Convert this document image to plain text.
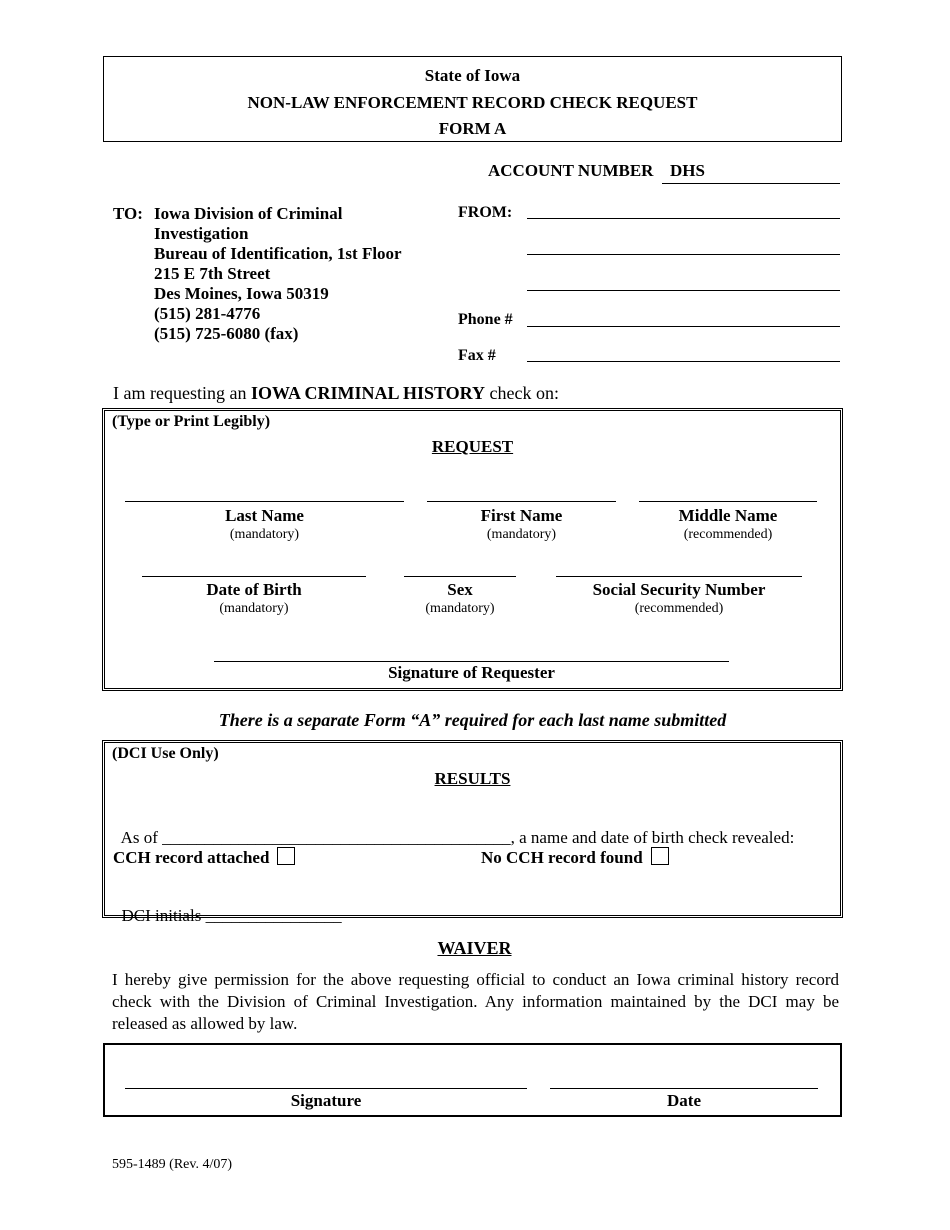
State of Iowa
NON-LAW ENFORCEMENT RECORD CHECK REQUEST
FORM A
ACCOUNT NUMBER DHS
TO: Iowa Division of Criminal
Investigation
Bureau of Identification, 1st Floor
215 E 7th Street
Des Moines, Iowa 50319
(515) 281-4776
(515) 725-6080 (fax)
FROM:
Phone #
Fax #
I am requesting an IOWA CRIMINAL HISTORY check on:
(Type or Print Legibly)
REQUEST
Last Name
(mandatory)
First Name
(mandatory)
Middle Name
(recommended)
Date of Birth
(mandatory)
Sex
(mandatory)
Social Security Number
(recommended)
Signature of Requester
There is a separate Form “A” required for each last name submitted
(DCI Use Only)
RESULTS

As of _________________________________________, a name and date of birth check revealed:

CCH record attached	No CCH record found

DCI initials ________________

WAIVER
I hereby give permission for the above requesting official to conduct an Iowa criminal history record check with the Division of Criminal Investigation. Any information maintained by the DCI may be released as allowed by law.
Signature	Date
595-1489 (Rev. 4/07)
